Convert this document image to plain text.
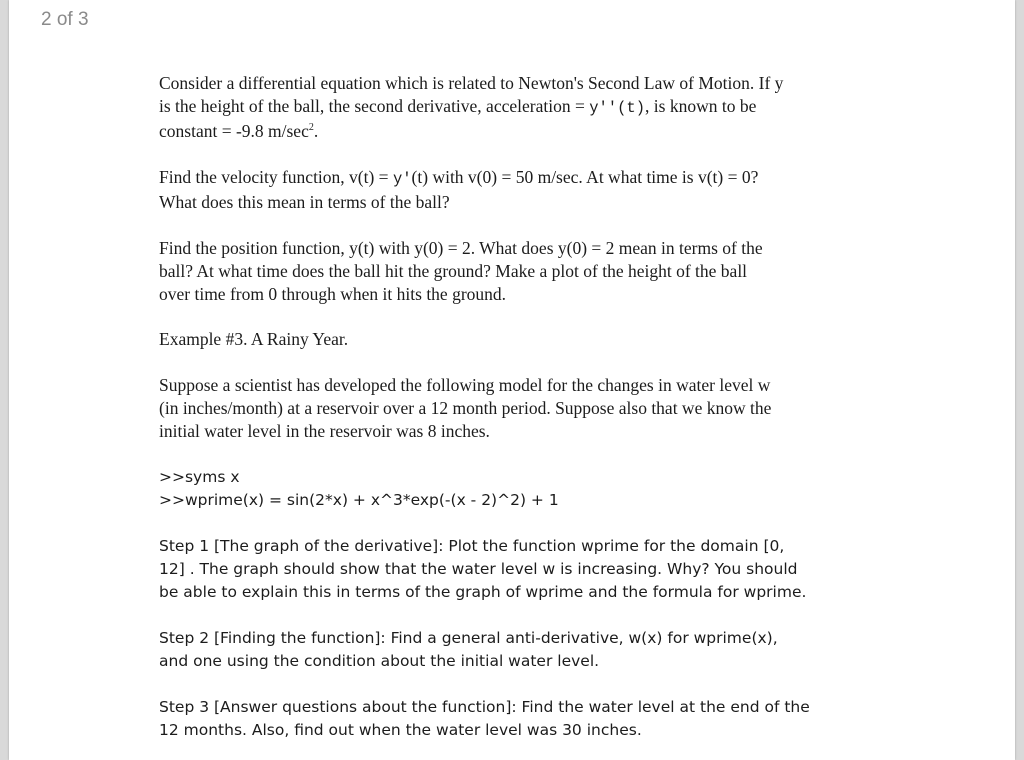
2 of 3
Consider a differential equation which is related to Newton's Second Law of Motion. If y
is the height of the ball, the second derivative, acceleration = y''(t), is known to be
constant = -9.8 $m/\sec^2$.
Find the velocity function, v(t) = y'(t) with v(0) = 50 m/sec. At what time is v(t) = 0?
What does this mean in terms of the ball?
Find the position function, y(t) with y(0) = 2. What does y(0) = 2 mean in terms of the
ball? At what time does the ball hit the ground? Make a plot of the height of the ball
over time from 0 through when it hits the ground.
Example #3. A Rainy Year.
Suppose a scientist has developed the following model for the changes in water level w
(in inches/month) at a reservoir over a 12 month period. Suppose also that we know the
initial water level in the reservoir was 8 inches.
>>syms x
>>wprime(x) = sin(2*x) + x^3*exp(-(x - 2)^2) + 1
Step 1 [The graph of the derivative]: Plot the function wprime for the domain [0,
12] . The graph should show that the water level w is increasing. Why? You should
be able to explain this in terms of the graph of wprime and the formula for wprime.
Step 2 [Finding the function]: Find a general anti-derivative, w(x) for wprime(x),
and one using the condition about the initial water level.
Step 3 [Answer questions about the function]: Find the water level at the end of the
12 months. Also, find out when the water level was 30 inches.
